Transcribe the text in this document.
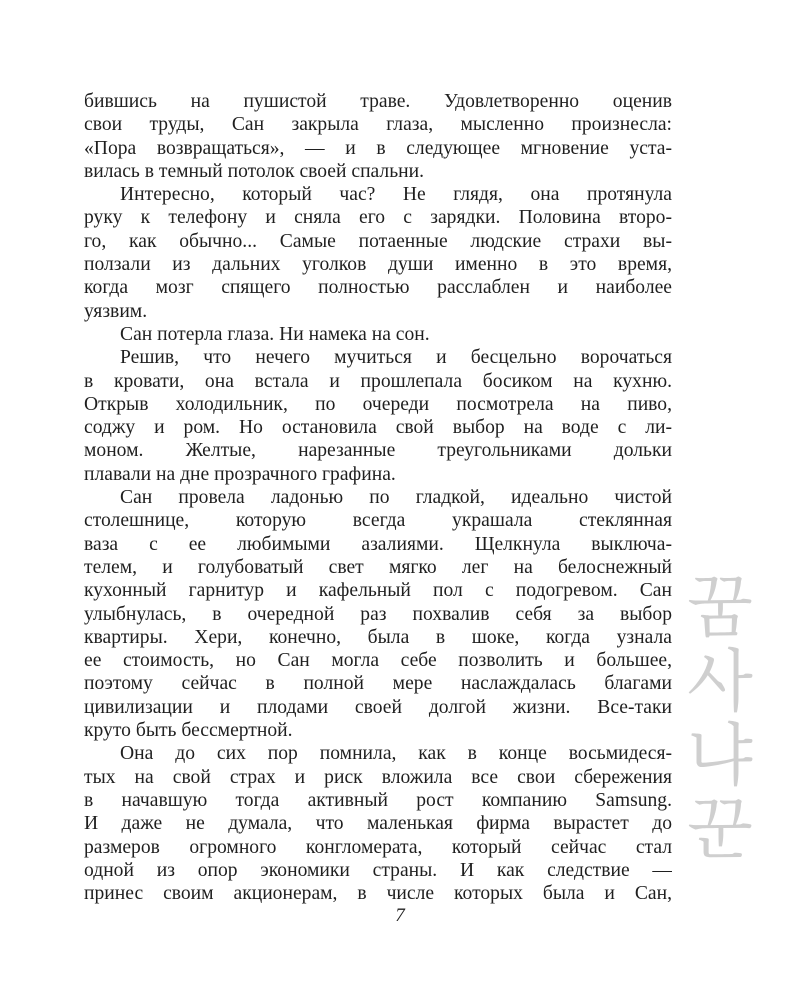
бившись на пушистой траве. Удовлетворенно оценив
свои труды, Сан закрыла глаза, мысленно произнесла:
«Пора возвращаться», — и в следующее мгновение уста-
вилась в темный потолок своей спальни.
Интересно, который час? Не глядя, она протянула
руку к телефону и сняла его с зарядки. Половина второ-
го, как обычно... Самые потаенные людские страхи вы-
ползали из дальних уголков души именно в это время,
когда мозг спящего полностью расслаблен и наиболее
уязвим.
Сан потерла глаза. Ни намека на сон.
Решив, что нечего мучиться и бесцельно ворочаться
в кровати, она встала и прошлепала босиком на кухню.
Открыв холодильник, по очереди посмотрела на пиво,
соджу и ром. Но остановила свой выбор на воде с ли-
моном. Желтые, нарезанные треугольниками дольки
плавали на дне прозрачного графина.
Сан провела ладонью по гладкой, идеально чистой
столешнице, которую всегда украшала стеклянная
ваза с ее любимыми азалиями. Щелкнула выключа-
телем, и голубоватый свет мягко лег на белоснежный
кухонный гарнитур и кафельный пол с подогревом. Сан
улыбнулась, в очередной раз похвалив себя за выбор
квартиры. Хери, конечно, была в шоке, когда узнала
ее стоимость, но Сан могла себе позволить и большее,
поэтому сейчас в полной мере наслаждалась благами
цивилизации и плодами своей долгой жизни. Все-таки
круто быть бессмертной.
Она до сих пор помнила, как в конце восьмидеся-
тых на свой страх и риск вложила все свои сбережения
в начавшую тогда активный рост компанию Samsung.
И даже не думала, что маленькая фирма вырастет до
размеров огромного конгломерата, который сейчас стал
одной из опор экономики страны. И как следствие —
принес своим акционерам, в числе которых была и Сан,
꿈
사
냐
꾼
7
